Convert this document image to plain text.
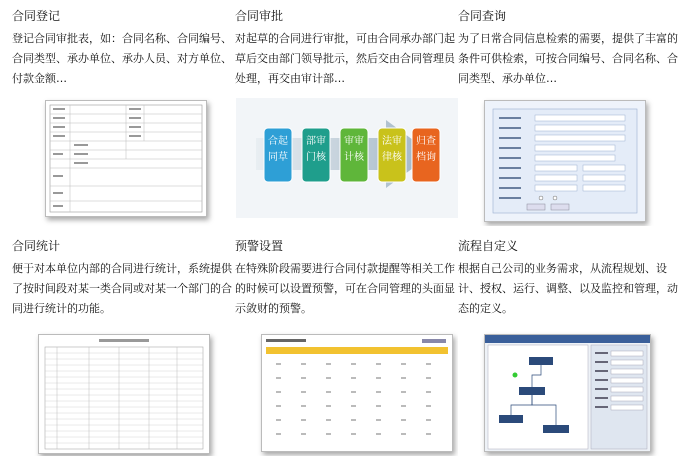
合同登记
登记合同审批表，如：合同名称、合同编号、合同类型、承办单位、承办人员、对方单位、付款金额…
合同审批
对起草的合同进行审批，可由合同承办部门起草后交由部门领导批示，然后交由合同管理员处理，再交由审计部…
合
同
起
草
部
门
审
核
审
计
审
核
法
律
审
核
归
档
查
询
合同查询
为了日常合同信息检索的需要，提供了丰富的条件可供检索，可按合同编号、合同名称、合同类型、承办单位…
合同统计
便于对本单位内部的合同进行统计，系统提供了按时间段对某一类合同或对某一个部门的合同进行统计的功能。
预警设置
在特殊阶段需要进行合同付款提醒等相关工作的时候可以设置预警，可在合同管理的头面显示敛财的预警。
流程自定义
根据自己公司的业务需求，从流程规划、设计、授权、运行、调整、以及监控和管理，动态的定义。
